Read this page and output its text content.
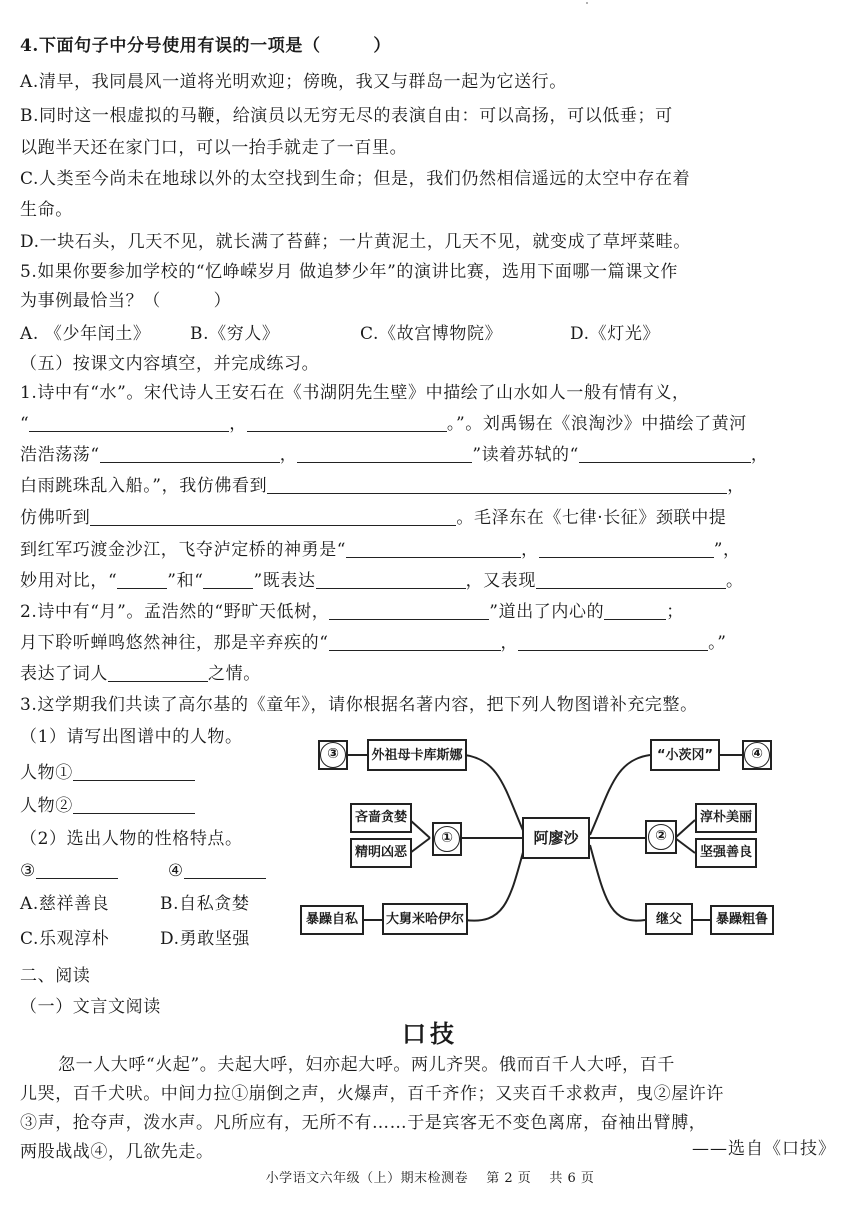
4.下面句子中分号使用有误的一项是（　　　）
A.清早，我同晨风一道将光明欢迎；傍晚，我又与群岛一起为它送行。
B.同时这一根虚拟的马鞭，给演员以无穷无尽的表演自由：可以高扬，可以低垂；可
以跑半天还在家门口，可以一抬手就走了一百里。
C.人类至今尚未在地球以外的太空找到生命；但是，我们仍然相信遥远的太空中存在着
生命。
D.一块石头，几天不见，就长满了苔藓；一片黄泥土，几天不见，就变成了草坪菜畦。
5.如果你要参加学校的“忆峥嵘岁月 做追梦少年”的演讲比赛，选用下面哪一篇课文作
为事例最恰当？（　　　）
A. 《少年闰土》 B.《穷人》	C.《故宫博物院》	D.《灯光》
（五）按课文内容填空，并完成练习。
1.诗中有“水”。宋代诗人王安石在《书湖阴先生壁》中描绘了山水如人一般有情有义，
“	，	。”。刘禹锡在《浪淘沙》中描绘了黄河
浩浩荡荡“	，	”读着苏轼的“	，
白雨跳珠乱入船。”，我仿佛看到	，
仿佛听到	。毛泽东在《七律·长征》颈联中提
到红军巧渡金沙江，飞夺泸定桥的神勇是“	，	”，
妙用对比，“	”和“	”既表达	，又表现	。
2.诗中有“月”。孟浩然的“野旷天低树，	”道出了内心的	；
月下聆听蝉鸣悠然神往，那是辛弃疾的“	，	。”
表达了词人	之情。
3.这学期我们共读了高尔基的《童年》，请你根据名著内容，把下列人物图谱补充完整。
（1）请写出图谱中的人物。
人物①
人物②
（2）选出人物的性格特点。
③	④
A.慈祥善良	B.自私贪婪
C.乐观淳朴	D.勇敢坚强
③	外祖母卡库斯娜	“小茨冈”	④
吝啬贪婪
精明凶恶
①	阿廖沙	②
淳朴美丽
坚强善良
暴躁自私	大舅米哈伊尔	继父	暴躁粗鲁
二、阅读
（一）文言文阅读
口技
忽一人大呼“火起”。夫起大呼，妇亦起大呼。两儿齐哭。俄而百千人大呼，百千
儿哭，百千犬吠。中间力拉①崩倒之声，火爆声，百千齐作；又夹百千求救声，曳②屋许许
③声，抢夺声，泼水声。凡所应有，无所不有……于是宾客无不变色离席，奋袖出臂膊，
两股战战④，几欲先走。	——选自《口技》
小学语文六年级（上）期末检测卷　 第 2 页　 共 6 页
